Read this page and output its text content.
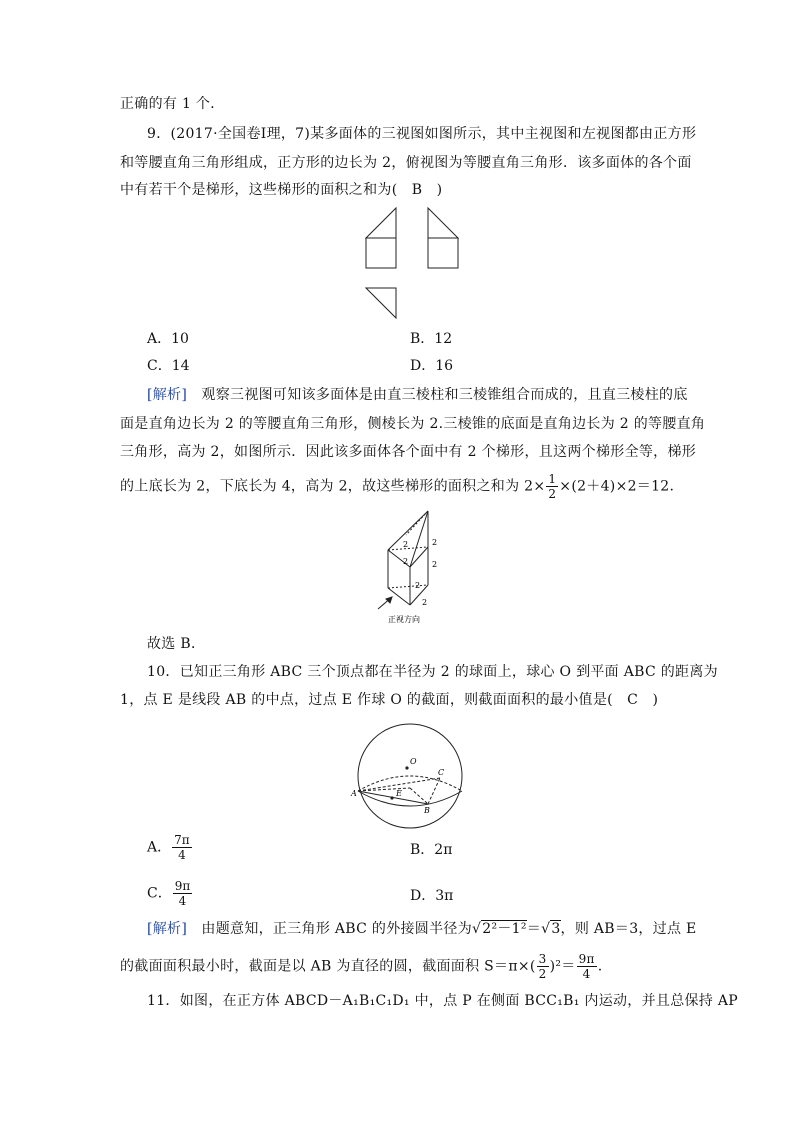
正确的有 1 个．
9．(2017·全国卷Ⅰ理，7)某多面体的三视图如图所示，其中主视图和左视图都由正方形
和等腰直角三角形组成，正方形的边长为 2，俯视图为等腰直角三角形．该多面体的各个面
中有若干个是梯形，这些梯形的面积之和为(　B　)
A．10	B．12
C．14	D．16
[解析]　观察三视图可知该多面体是由直三棱柱和三棱锥组合而成的，且直三棱柱的底
面是直角边长为 2 的等腰直角三角形，侧棱长为 2.三棱锥的底面是直角边长为 2 的等腰直角
三角形，高为 2，如图所示．因此该多面体各个面中有 2 个梯形，且这两个梯形全等，梯形
的上底长为 2，下底长为 4，高为 2，故这些梯形的面积之和为 $2\times \frac{1}{2} \times(2+4)\times 2=12$.
2	2
2	2
2
2
正视方向
故选 B．
10．已知正三角形 ABC 三个顶点都在半径为 2 的球面上，球心 O 到平面 ABC 的距离为
1，点 E 是线段 AB 的中点，过点 E 作球 O 的截面，则截面面积的最小值是(　C　)
O
C
A	E
B
A． $\frac{7\pi}{4}$	B．2π
C． $\frac{9\pi}{4}$	D．3π
[解析]　由题意知，正三角形 ABC 的外接圆半径为√2²－1²＝√3，则 AB＝3，过点 E
的截面面积最小时，截面是以 AB 为直径的圆，截面面积 $S=\pi\times( \frac{3}{2} )^2= \frac{9\pi}{4}$ .
11．如图，在正方体 ABCD－A₁B₁C₁D₁ 中，点 P 在侧面 BCC₁B₁ 内运动，并且总保持 AP
